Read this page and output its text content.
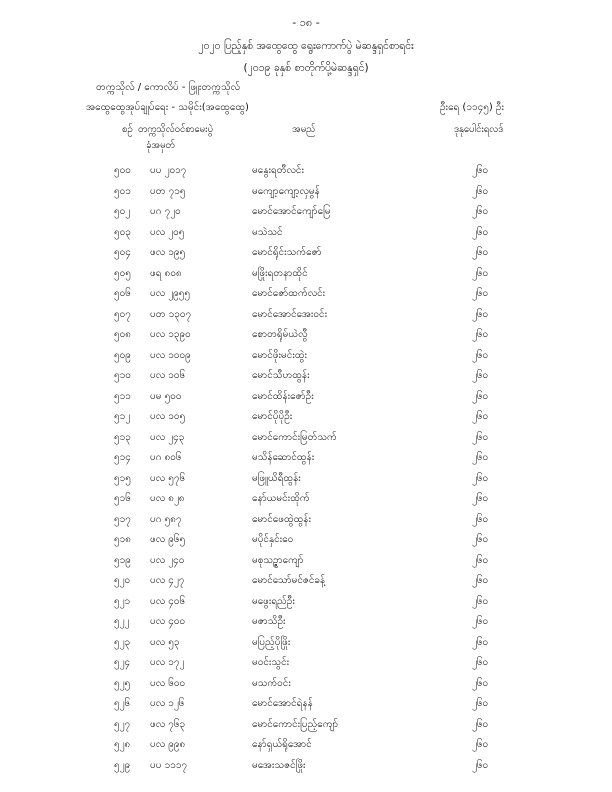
- ၁၈ -
၂၀၂၀ ပြည့်နှစ် အထွေထွေ ရွေးကောက်ပွဲ မဲဆန္ဒရှင်စာရင်း
(၂၀၁၉ ခုနှစ် စာတိုက်ပို့မဲဆန္ဒရှင်)
တက္ကသိုလ် / ကောလိပ် - ဖြူးတက္ကသိုလ်
အထွေထွေအုပ်ချုပ်ရေး - သမိုင်း(အထွေထွေ)	ဦးရေ (၁၁၄၅) ဦး
စဉ် တက္ကသိုလ်ဝင်စာမေးပွဲ
ခုံအမှတ်
အမည်	ဒုနုပေါင်းရလဒ်
၅၀၀ ပပ ၂၀၁၇	မနွေးရတီလင်း	၂၆၀
၅၀၁ ပတ ၇၁၅	မကျော့ကျော့လှမွန်	၂၆၀
၅၀၂ ပဂ ၇၂၀	မောင်အောင်ကျော်မြေ	၂၆၀
၅၀၃ ပလ ၂၀၅	မသဲသင်	၂၆၀
၅၀၄ ဖလ ၁၉၅	မောင်ရိုင်းသက်ဇော်	၂၆၀
၅၀၅ ဖရ ၈၀၈	မဖြိုးရတနာထိုင်	၂၆၀
၅၀၆ ပလ ၂၉၅၅	မောင်ဇော်ထက်လင်း	၂၆၀
၅၀၇ ပတ ၁၃၀၇	မောင်အောင်အေးဝင်း	၂၆၀
၅၀၈ ပလ ၁၃၉၀	စောတရိုမ်ယဲလွီ	၂၆၀
၅၀၉ ပလ ၁၀၀၉	မောင်ဖိုးမင်းထွဲး	၂၆၀
၅၁၀ ပလ ၁၀၆	မောင်သီဟထွန်း	၂၆၀
၅၁၁ ပမ ၅၀၀	မောင်ထိန်းဇော်ဦး	၂၆၀
၅၁၂ ပလ ၁၀၅	မောင်ပိုပိုဦး	၂၆၀
၅၁၃ ပလ ၂၄၃	မောင်ကောင်းမြတ်သက်	၂၆၀
၅၁၄ ပဂ ၈၀၆	မသိန်ဆောင်ထွန်း	၂၆၀
၅၁၅ ပလ ၅၇၆	မဖြူယိရီထွန်း	၂၆၀
၅၁၆ ပလ ၈၂၈	နော်ယမင်းထိုက်	၂၆၀
၅၁၇ ပဂ ၅၈၇	မောင်ဖေထွဲထွန်း	၂၆၀
၅၁၈ ဖလ ၉၆၅	မပိုင်နှင်းဝေ	၂၆၀
၅၁၉ ပလ ၂၄၀	မစုသဉ္ဇာကျော်	၂၆၀
၅၂၀ ပလ ၄၂၇	မောင်သော်မင်ဇင်ခန့်	၂၆၀
၅၂၁ ပလ ၄၀၆	မဖွေးရည်ဦး	၂၆၀
၅၂၂ ပလ ၄၀၀	မဇာသိဦး	၂၆၀
၅၂၃ ပလ ၅၃	မပြည့်ပိုဖြိုး	၂၆၀
၅၂၄ ပလ ၁၇၂	မဝင်းသွင်း	၂၆၀
၅၂၅ ပလ ၆၀၀	မသက်ဝင်း	၂၆၀
၅၂၆ ပလ ၁၂၆	မောင်အောင်ရဲနန်	၂၆၀
၅၂၇ ဖလ ၇၆၃	မောင်ကောင်းပြည့်ကျော်	၂၆၀
၅၂၈ ပလ ၉၉၈	နော်ရှယ်ရိုအောင်	၂၆၀
၅၂၉ ပပ ၁၁၁၇	မအေးသဇင်ဖြိုး	၂၆၀
